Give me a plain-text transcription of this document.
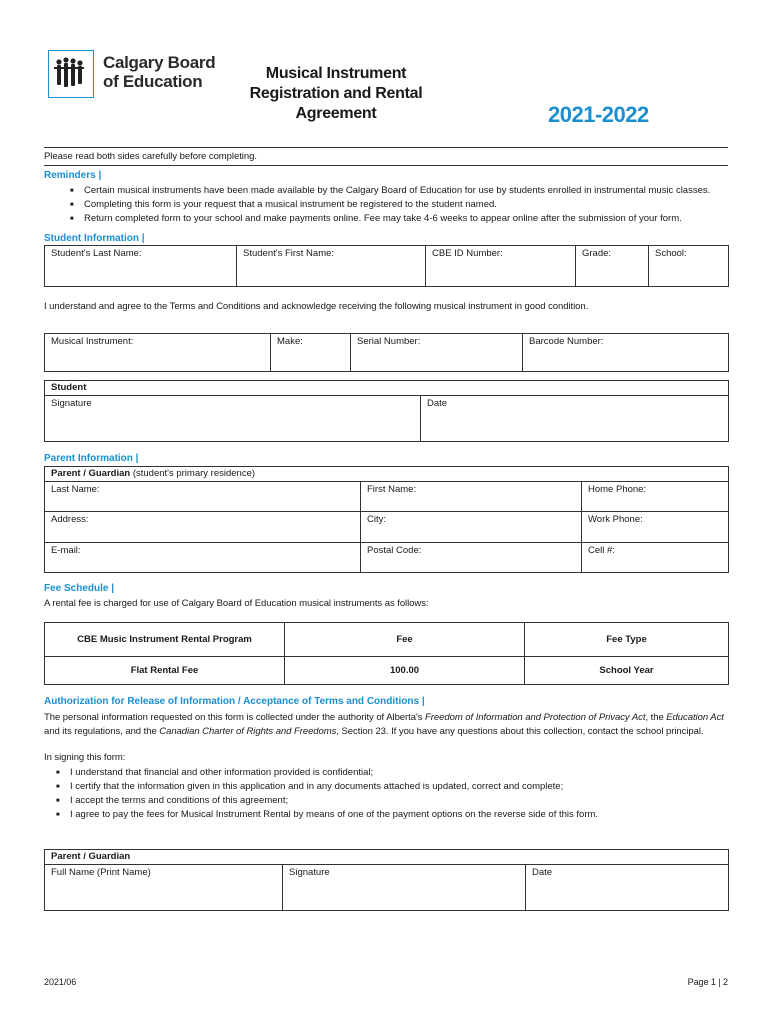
Calgary Board
of Education	Musical Instrument
Registration and Rental
Agreement	2021-2022
Please read both sides carefully before completing.
Reminders |
■ Certain musical instruments have been made available by the Calgary Board of Education for use by students enrolled in instrumental music classes.
■ Completing this form is your request that a musical instrument be registered to the student named.
■ Return completed form to your school and make payments online. Fee may take 4-6 weeks to appear online after the submission of your form.
Student Information |
Student's Last Name:	Student's First Name:	CBE ID Number:	Grade:	School:
I understand and agree to the Terms and Conditions and acknowledge receiving the following musical instrument in good condition.
Musical Instrument:	Make:	Serial Number:	Barcode Number:
Student
Signature	Date
Parent Information |
Parent / Guardian (student's primary residence)		
Last Name:	First Name:	Home Phone:
Address:	City:	Work Phone:
E-mail:	Postal Code:	Cell #:
Fee Schedule |
A rental fee is charged for use of Calgary Board of Education musical instruments as follows:
CBE Music Instrument Rental Program	Fee	Fee Type
Flat Rental Fee	100.00	School Year
Authorization for Release of Information / Acceptance of Terms and Conditions |
The personal information requested on this form is collected under the authority of Alberta's Freedom of Information and Protection of Privacy Act, the Education Act
and its regulations, and the Canadian Charter of Rights and Freedoms, Section 23. If you have any questions about this collection, contact the school principal.
In signing this form:
■ I understand that financial and other information provided is confidential;
■ I certify that the information given in this application and in any documents attached is updated, correct and complete;
■ I accept the terms and conditions of this agreement;
■ I agree to pay the fees for Musical Instrument Rental by means of one of the payment options on the reverse side of this form.
Parent / Guardian
Full Name (Print Name)	Signature	Date
2021/06	Page 1 | 2
